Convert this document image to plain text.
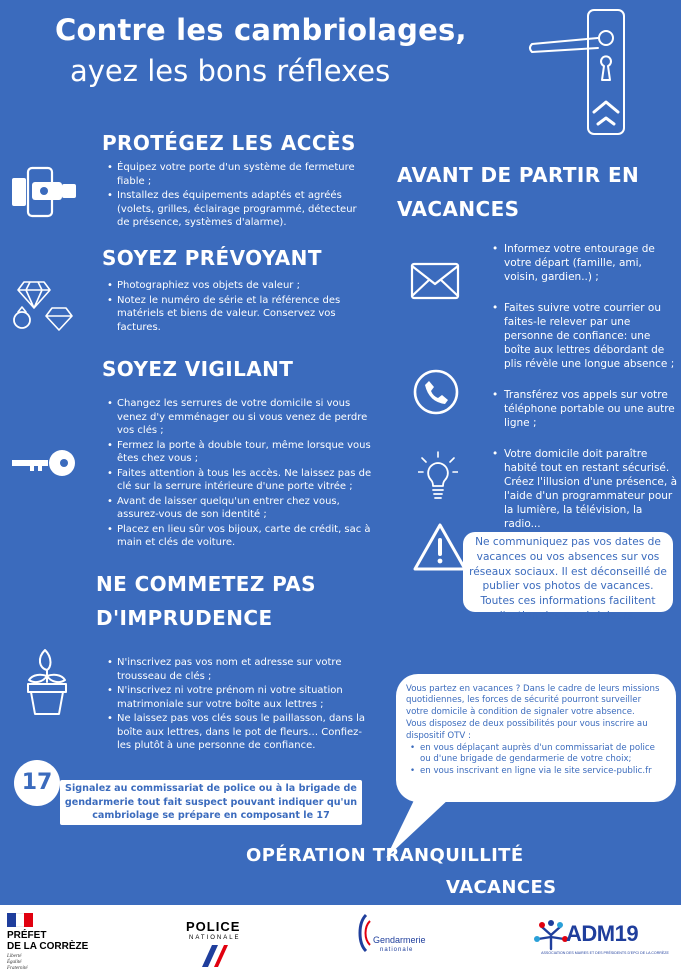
Contre les cambriolages,
ayez les bons réflexes
PROTÉGEZ LES ACCÈS
• Équipez votre porte d'un système de fermeture fiable ;
• Installez des équipements adaptés et agréés (volets, grilles, éclairage programmé, détecteur de présence, systèmes d'alarme).
SOYEZ PRÉVOYANT
• Photographiez vos objets de valeur ;
• Notez le numéro de série et la référence des matériels et biens de valeur. Conservez vos factures.
SOYEZ VIGILANT
• Changez les serrures de votre domicile si vous venez d'y emménager ou si vous venez de perdre vos clés ;
• Fermez la porte à double tour, même lorsque vous êtes chez vous ;
• Faites attention à tous les accès. Ne laissez pas de clé sur la serrure intérieure d'une porte vitrée ;
• Avant de laisser quelqu'un entrer chez vous, assurez-vous de son identité ;
• Placez en lieu sûr vos bijoux, carte de crédit, sac à main et clés de voiture.
NE COMMETEZ PAS
D'IMPRUDENCE
• N'inscrivez pas vos nom et adresse sur votre trousseau de clés ;
• N'inscrivez ni votre prénom ni votre situation matrimoniale sur votre boîte aux lettres ;
• Ne laissez pas vos clés sous le paillasson, dans la boîte aux lettres, dans le pot de fleurs… Confiez-les plutôt à une personne de confiance.
17	Signalez au commissariat de police ou à la brigade de gendarmerie tout fait suspect pouvant indiquer qu'un cambriolage se prépare en composant le 17
AVANT DE PARTIR EN
VACANCES
• Informez votre entourage de votre départ (famille, ami, voisin, gardien..) ;
• Faites suivre votre courrier ou faites-le relever par une personne de confiance: une boîte aux lettres débordant de plis révèle une longue absence ;
• Transférez vos appels sur votre téléphone portable ou une autre ligne ;
• Votre domicile doit paraître habité tout en restant sécurisé. Créez l'illusion d'une présence, à l'aide d'un programmateur pour la lumière, la télévision, la radio...
Ne communiquez pas vos dates de vacances ou vos absences sur vos réseaux sociaux. Il est déconseillé de publier vos photos de vacances. Toutes ces informations facilitent l'action des cambrioleurs.
Vous partez en vacances ? Dans le cadre de leurs missions quotidiennes, les forces de sécurité pourront surveiller votre domicile à condition de signaler votre absence.
Vous disposez de deux possibilités pour vous inscrire au dispositif OTV :
• en vous déplaçant auprès d'un commissariat de police ou d'une brigade de gendarmerie de votre choix;
• en vous inscrivant en ligne via le site service-public.fr
OPÉRATION TRANQUILLITÉ
VACANCES
PRÉFET
DE LA CORRÈZE
Liberté
Égalité
Fraternité
POLICE
NATIONALE	Gendarmerie
nationale
ADM19
ASSOCIATION DES MAIRES ET DES PRÉSIDENTS D'EPCI DE LA CORRÈZE
